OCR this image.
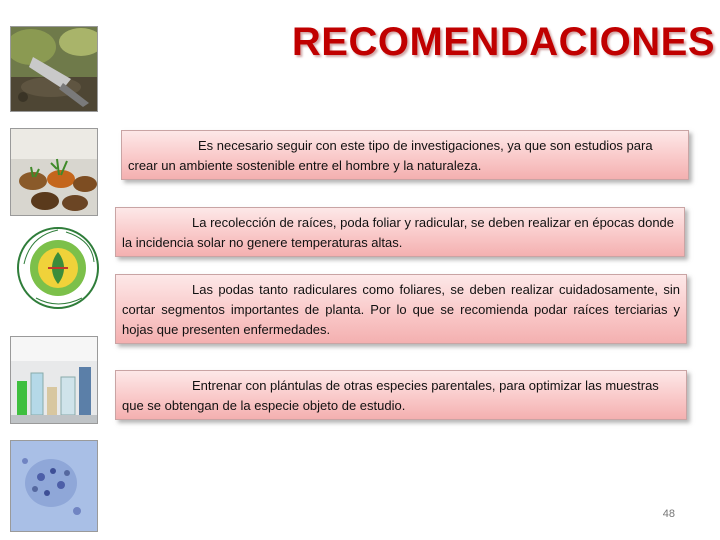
RECOMENDACIONES

Es necesario seguir con este tipo de investigaciones, ya que son estudios para crear un ambiente sostenible entre el hombre y la naturaleza.

La recolección de raíces, poda foliar y radicular, se deben realizar en épocas donde la incidencia solar no genere temperaturas altas.

Las podas tanto radiculares como foliares, se deben realizar cuidadosamente, sin cortar segmentos importantes de planta. Por lo que se recomienda podar raíces terciarias y hojas que presenten enfermedades.

Entrenar con plántulas de otras especies parentales, para optimizar las muestras que se obtengan de la especie objeto de estudio.

48
